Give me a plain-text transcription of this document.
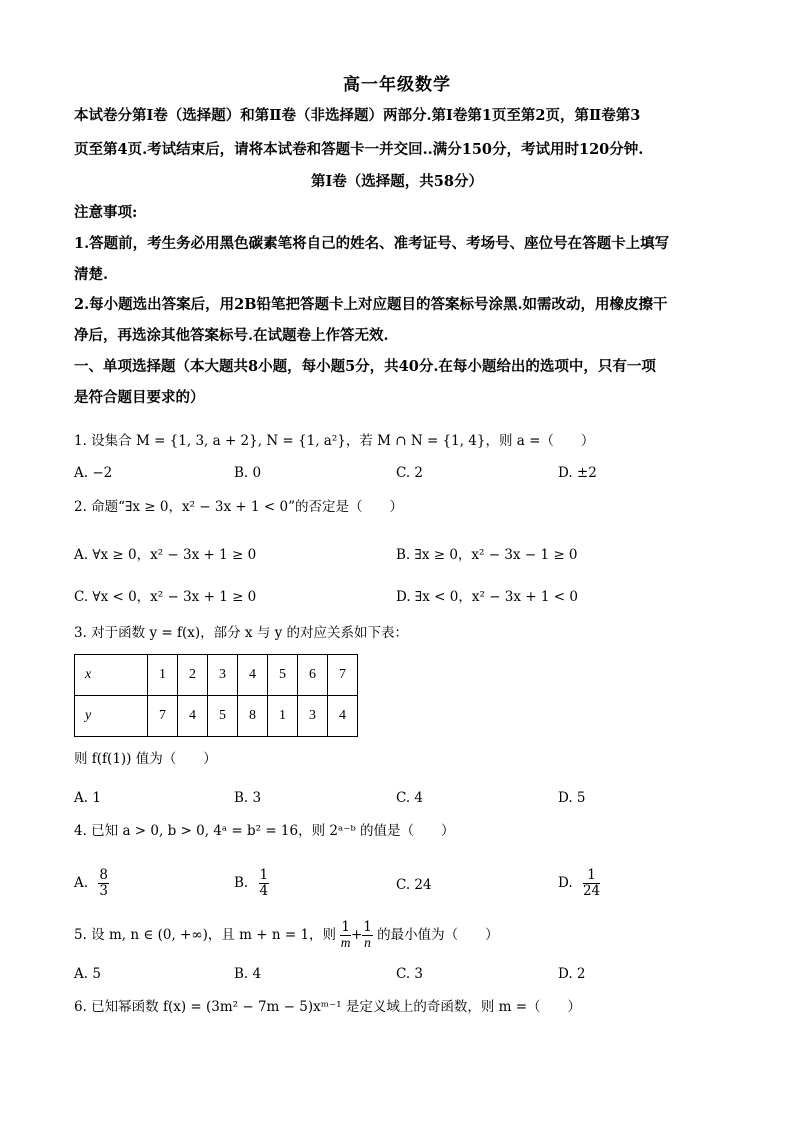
高一年级数学
本试卷分第Ⅰ卷（选择题）和第Ⅱ卷（非选择题）两部分.第Ⅰ卷第1页至第2页，第Ⅱ卷第3
页至第4页.考试结束后，请将本试卷和答题卡一并交回..满分150分，考试用时120分钟.
第Ⅰ卷（选择题，共58分）
注意事项:
1.答题前，考生务必用黑色碳素笔将自己的姓名、准考证号、考场号、座位号在答题卡上填写
清楚.
2.每小题选出答案后，用2B铅笔把答题卡上对应题目的答案标号涂黑.如需改动，用橡皮擦干
净后，再选涂其他答案标号.在试题卷上作答无效.
一、单项选择题（本大题共8小题，每小题5分，共40分.在每小题给出的选项中，只有一项
是符合题目要求的）
1. 设集合 M = {1, 3, a + 2}, N = {1, a²}，若 M ∩ N = {1, 4}，则 a =（　　）
A. −2	B. 0	C. 2	D. ±2
2. 命题“∃x ≥ 0，x² − 3x + 1 < 0”的否定是（　　）
A. ∀x ≥ 0，x² − 3x + 1 ≥ 0	B. ∃x ≥ 0，x² − 3x − 1 ≥ 0
C. ∀x < 0，x² − 3x + 1 ≥ 0	D. ∃x < 0，x² − 3x + 1 < 0
3. 对于函数 y = f(x)，部分 x 与 y 的对应关系如下表：
x	1	2	3	4	5	6	7
y	7	4	5	8	1	3	4
则 f(f(1)) 值为（　　）
A. 1	B. 3	C. 4	D. 5
4. 已知 a > 0, b > 0, 4ᵃ = b² = 16，则 2ᵃ⁻ᵇ 的值是（　　）
A. $\frac{8}{3}$	B. $\frac{1}{4}$	C. 24	D. $\frac{1}{24}$
5. 设 m, n ∈ (0, +∞)，且 m + n = 1，则 $\frac{1}{m} + \frac{1}{n}$ 的最小值为（　　）
A. 5	B. 4	C. 3	D. 2
6. 已知幂函数 f(x) = (3m² − 7m − 5)xᵐ⁻¹ 是定义域上的奇函数，则 m =（　　）
